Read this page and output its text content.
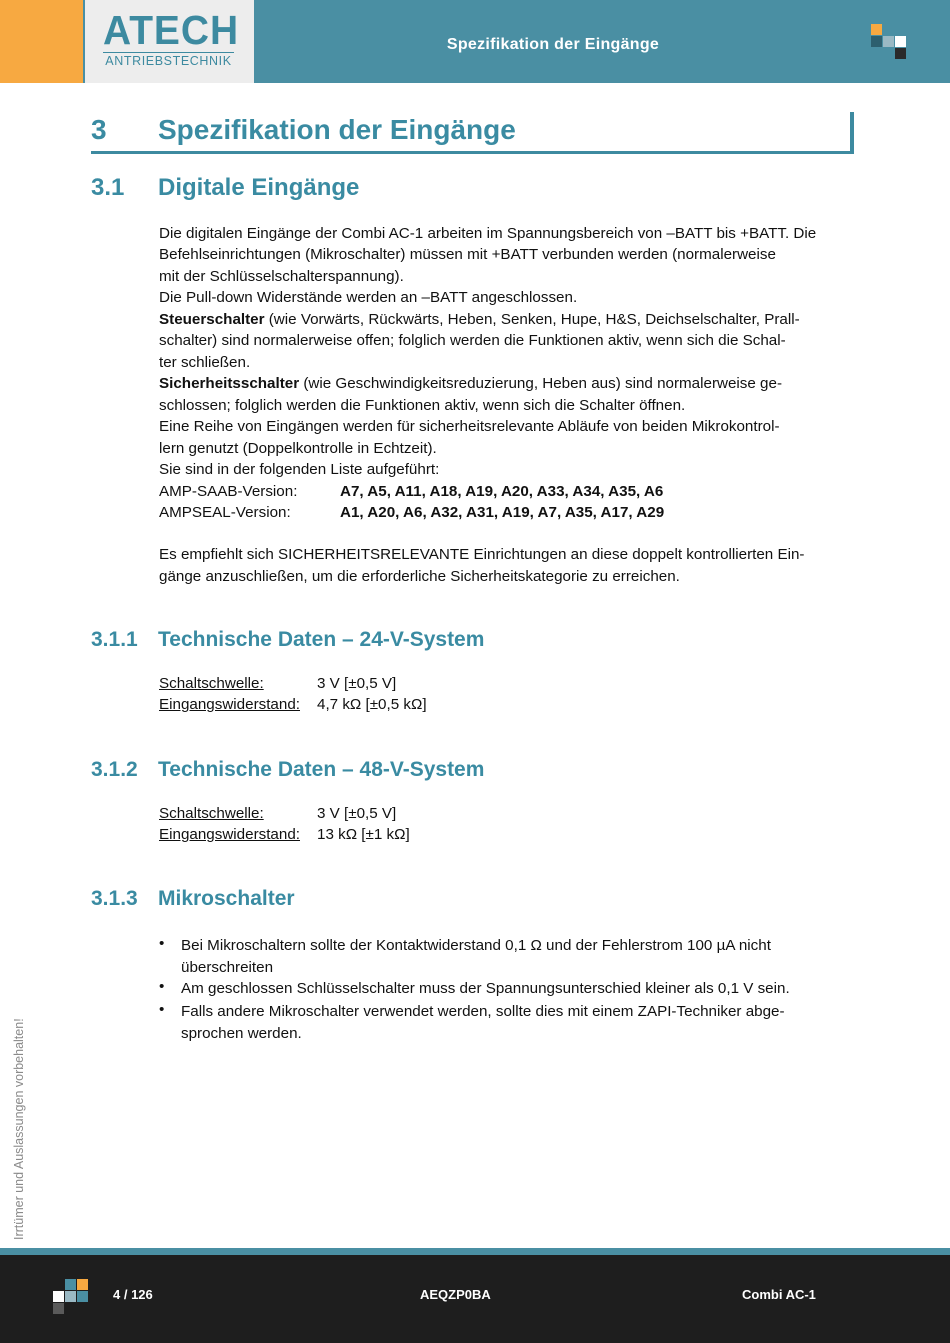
ATECH
ANTRIEBSTECHNIK
Spezifikation der Eingänge
3 Spezifikation der Eingänge
3.1 Digitale Eingänge
Die digitalen Eingänge der Combi AC-1 arbeiten im Spannungsbereich von –BATT bis +BATT. Die
Befehlseinrichtungen (Mikroschalter) müssen mit +BATT verbunden werden (normalerweise
mit der Schlüsselschalterspannung).
Die Pull-down Widerstände werden an –BATT angeschlossen.
Steuerschalter (wie Vorwärts, Rückwärts, Heben, Senken, Hupe, H&S, Deichselschalter, Prall-
schalter) sind normalerweise offen; folglich werden die Funktionen aktiv, wenn sich die Schal-
ter schließen.
Sicherheitsschalter (wie Geschwindigkeitsreduzierung, Heben aus) sind normalerweise ge-
schlossen; folglich werden die Funktionen aktiv, wenn sich die Schalter öffnen.
Eine Reihe von Eingängen werden für sicherheitsrelevante Abläufe von beiden Mikrokontrol-
lern genutzt (Doppelkontrolle in Echtzeit).
Sie sind in der folgenden Liste aufgeführt:
AMP-SAAB-Version:	A7, A5, A11, A18, A19, A20, A33, A34, A35, A6
AMPSEAL-Version:	A1, A20, A6, A32, A31, A19, A7, A35, A17, A29
Es empfiehlt sich SICHERHEITSRELEVANTE Einrichtungen an diese doppelt kontrollierten Ein-
gänge anzuschließen, um die erforderliche Sicherheitskategorie zu erreichen.
3.1.1 Technische Daten – 24-V-System
Schaltschwelle:	3 V [±0,5 V]
Eingangswiderstand: 4,7 kΩ [±0,5 kΩ]
3.1.2 Technische Daten – 48-V-System
Schaltschwelle:	3 V [±0,5 V]
Eingangswiderstand: 13 kΩ [±1 kΩ]
3.1.3 Mikroschalter
• Bei Mikroschaltern sollte der Kontaktwiderstand 0,1 Ω und der Fehlerstrom 100 µA nicht
überschreiten
• Am geschlossen Schlüsselschalter muss der Spannungsunterschied kleiner als 0,1 V sein.
• Falls andere Mikroschalter verwendet werden, sollte dies mit einem ZAPI-Techniker abge-
sprochen werden.
Irrtümer und Auslassungen vorbehalten!
4 / 126	AEQZP0BA	Combi AC-1
